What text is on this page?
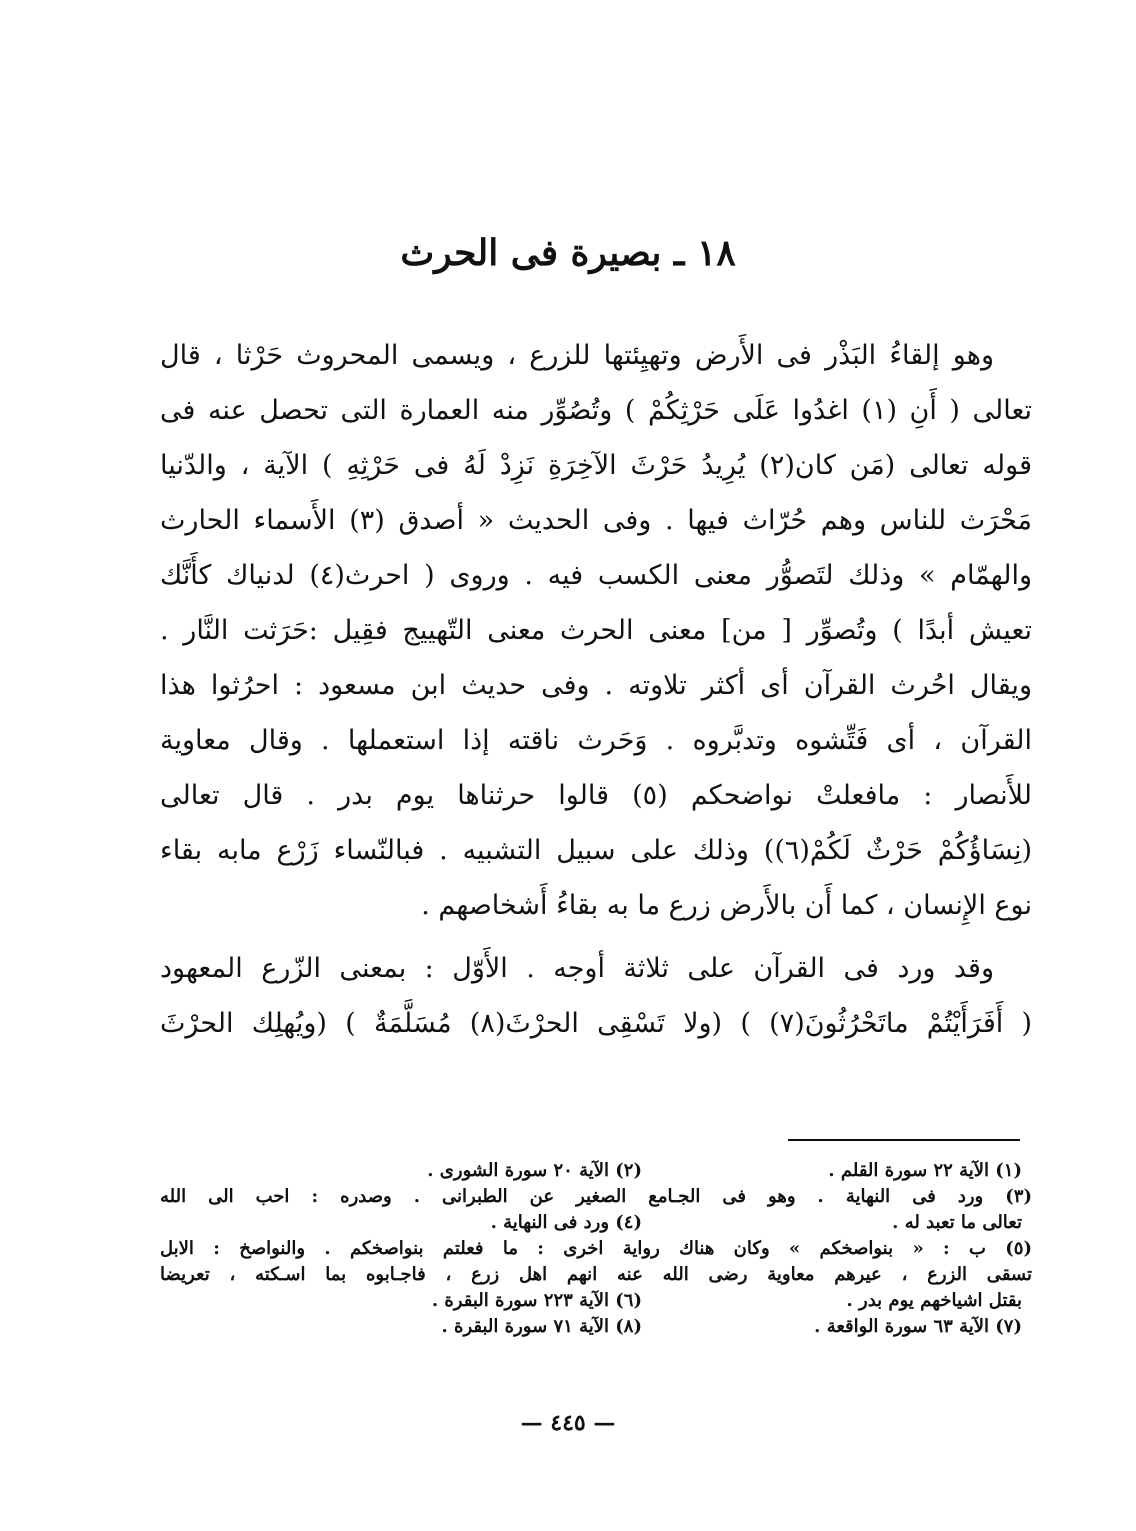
١٨ ـ بصيرة فى الحرث
وهو إلقاءُ البَذْر فى الأَرض وتهيِئتها للزرع ، ويسمى المحروث حَرْثا ، قال
تعالى ( أَنِ (١) اغدُوا عَلَى حَرْثِكُمْ ) وتُصُوِّر منه العمارة التى تحصل عنه فى
قوله تعالى (مَن كان(٢) يُرِيدُ حَرْثَ الآخِرَةِ نَزِدْ لَهُ فى حَرْثِهِ ) الآية ، والدّنيا
مَحْرَث للناس وهم حُرّاث فيها . وفى الحديث « أصدق (٣) الأَسماء الحارث
والهمّام » وذلك لتَصوُّر معنى الكسب فيه . وروى ( احرث(٤) لدنياك كأَنَّك
تعيش أبدًا ) وتُصوِّر [ من] معنى الحرث معنى التّهييج فقِيل :حَرَثت النَّار .
ويقال احُرث القرآن أى أكثر تلاوته . وفى حديث ابن مسعود : احرُثوا هذا
القرآن ، أى فَتِّشوه وتدبَّروه . وَحَرث ناقته إذا استعملها . وقال معاوية
للأَنصار : مافعلتْ نواضحكم (٥) قالوا حرثناها يوم بدر . قال تعالى
(نِسَاؤُكُمْ حَرْثٌ لَكُمْ(٦)) وذلك على سبيل التشبيه . فبالنّساء زَرْع مابه بقاء
نوع الإِنسان ، كما أَن بالأَرض زرع ما به بقاءُ أَشخاصهم .
وقد ورد فى القرآن على ثلاثة أوجه . الأَوّل : بمعنى الزّرع المعهود
( أَفَرَأَيْتُمْ ماتَحْرُثُونَ(٧) ) (ولا تَسْقِى الحرْثَ(٨) مُسَلَّمَةٌ ) (ويُهلِك الحرْثَ
(١) الآية ٢٢ سورة القلم .
(٢) الآية ٢٠ سورة الشورى .
(٣) ورد فى النهاية . وهو فى الجـامع الصغير عن الطبرانى . وصدره : احب الى الله
تعالى ما تعبد له .
(٤) ورد فى النهاية .
(٥) ب : « بنواصخكم » وكان هناك رواية اخرى : ما فعلتم بنواصخكم . والنواصخ : الابل
تسقى الزرع ، عيرهم معاوية رضى الله عنه انهم اهل زرع ، فاجـابوه بما اسـكته ، تعريضا
بقتل اشياخهم يوم بدر .
(٦) الآية ٢٢٣ سورة البقرة .
(٧) الآية ٦٣ سورة الواقعة .
(٨) الآية ٧١ سورة البقرة .
— ٤٤٥ —
